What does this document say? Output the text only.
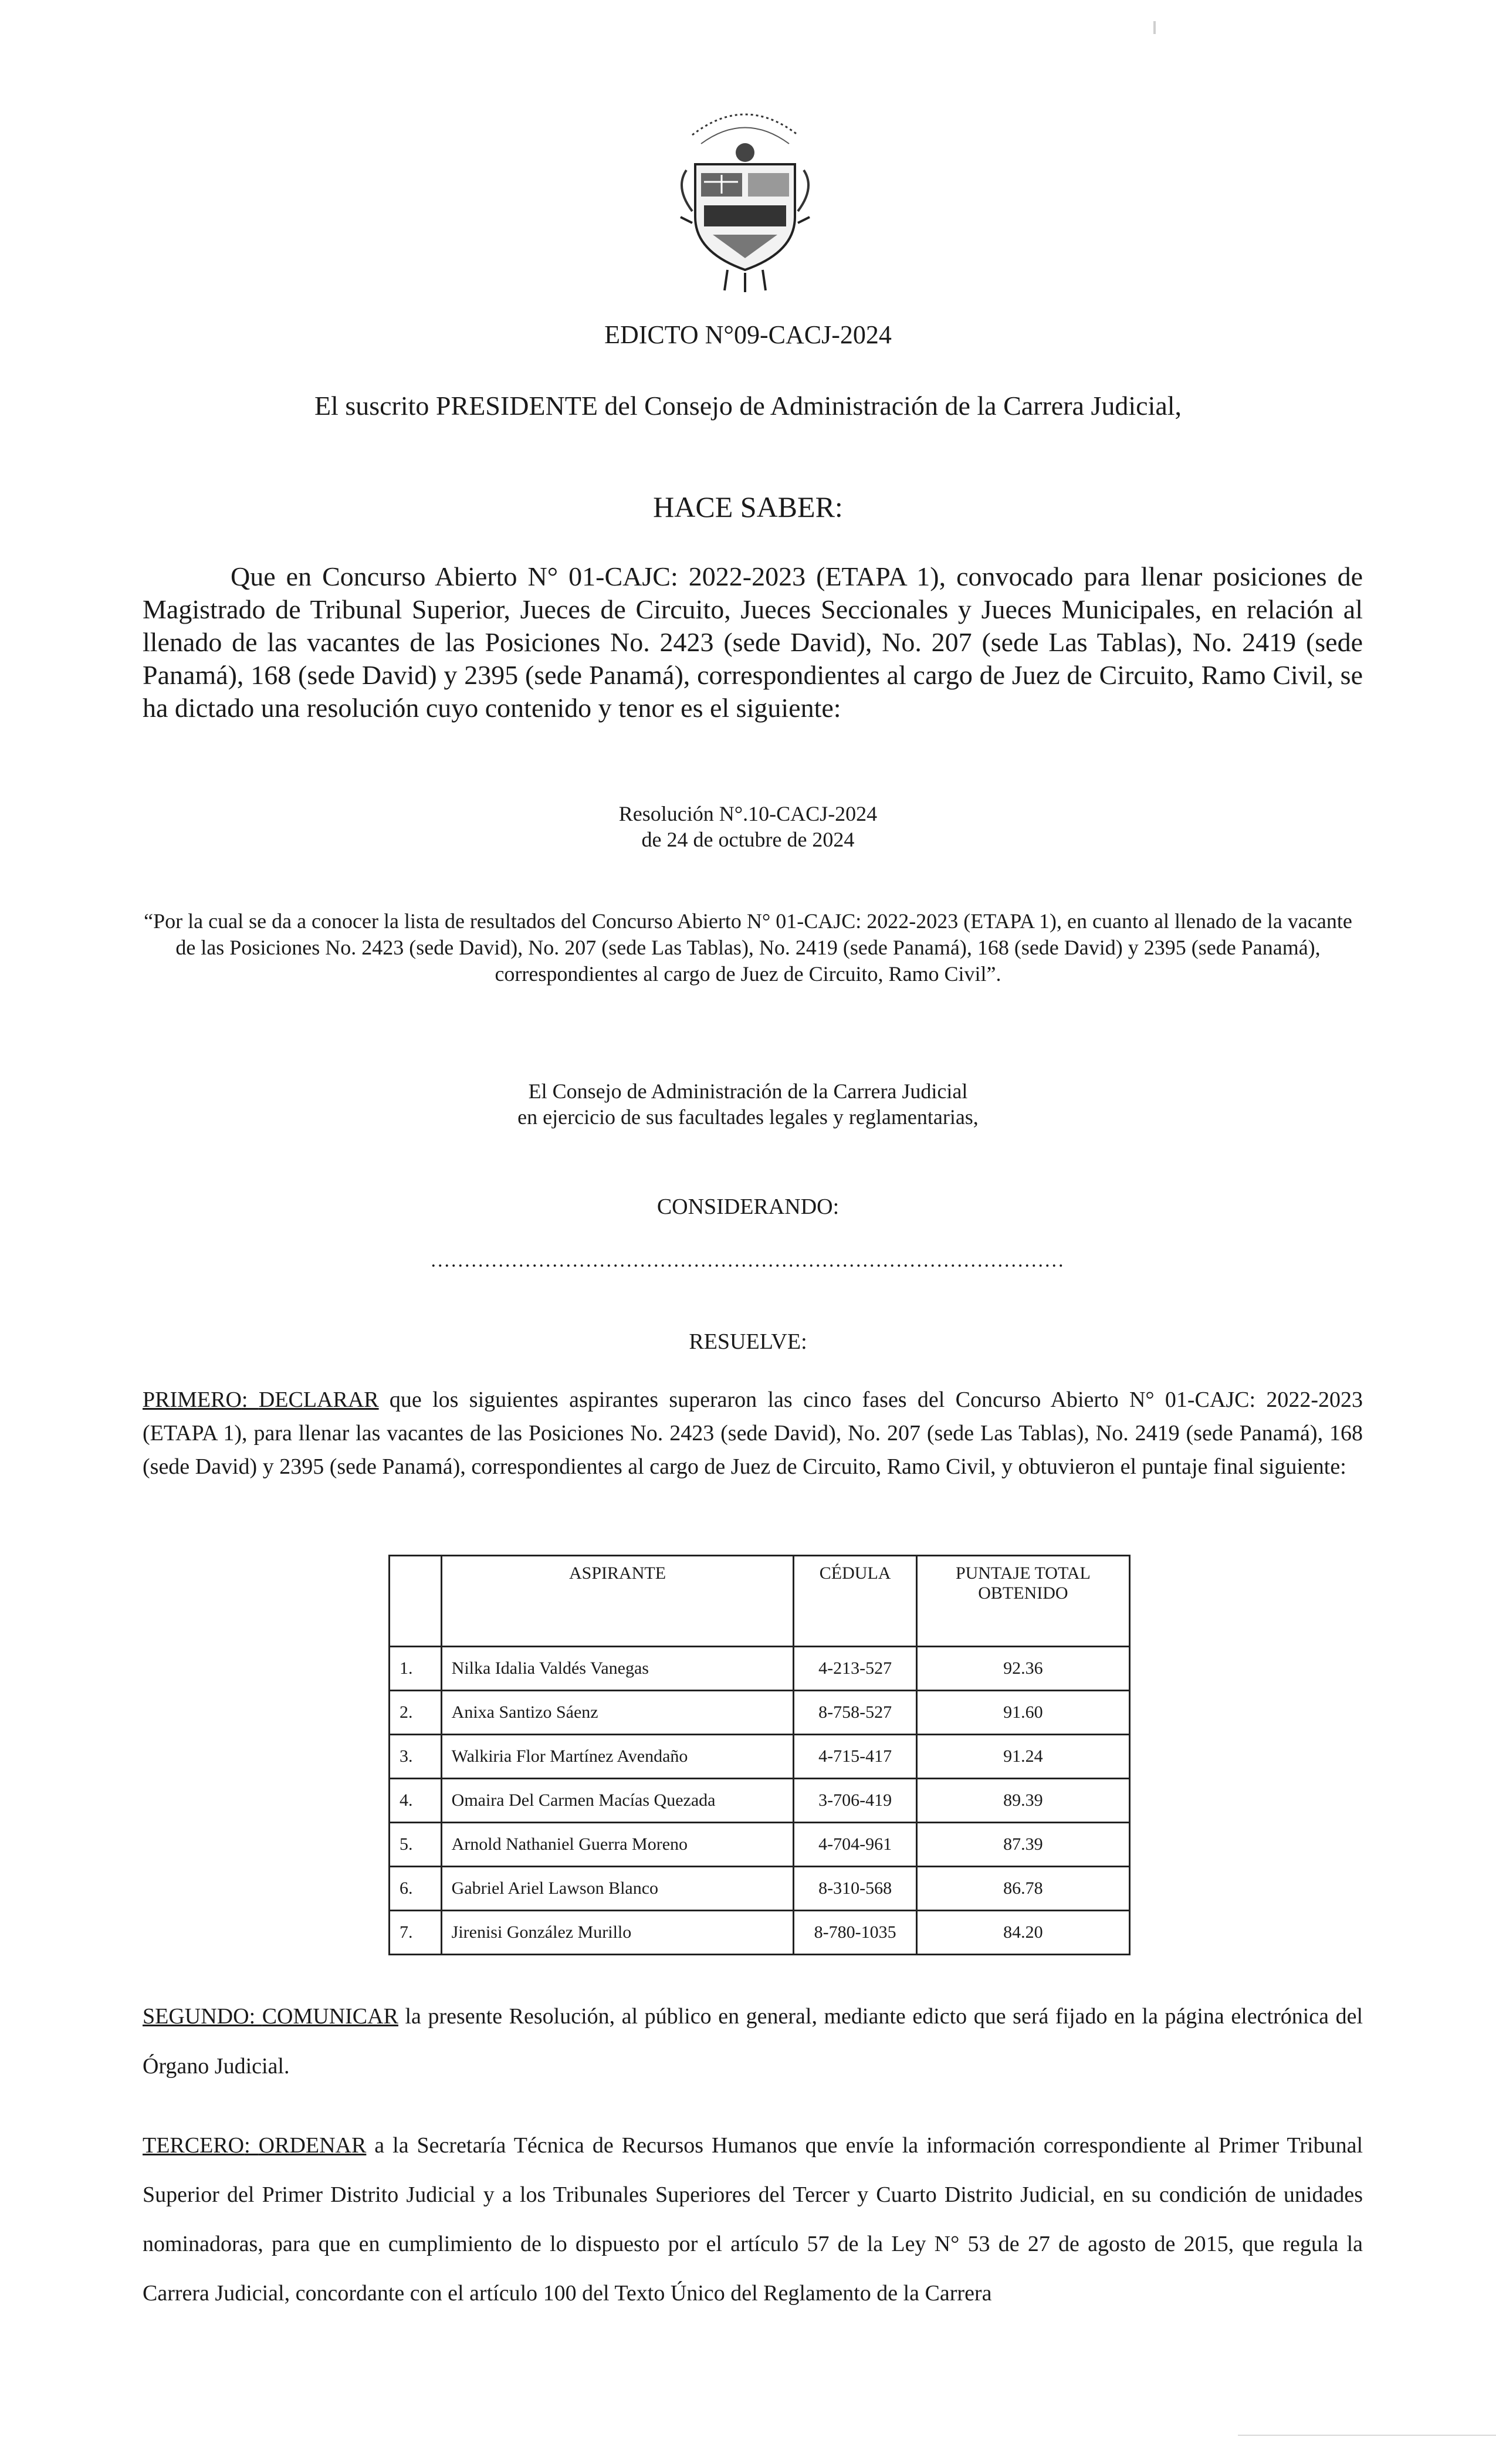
EDICTO N°09-CACJ-2024
El suscrito PRESIDENTE del Consejo de Administración de la Carrera Judicial,
HACE SABER:
Que en Concurso Abierto N° 01-CAJC: 2022-2023 (ETAPA 1), convocado para llenar posiciones de Magistrado de Tribunal Superior, Jueces de Circuito, Jueces Seccionales y Jueces Municipales, en relación al llenado de las vacantes de las Posiciones No. 2423 (sede David), No. 207 (sede Las Tablas), No. 2419 (sede Panamá), 168 (sede David) y 2395 (sede Panamá), correspondientes al cargo de Juez de Circuito, Ramo Civil, se ha dictado una resolución cuyo contenido y tenor es el siguiente:
Resolución N°.10-CACJ-2024
de 24 de octubre de 2024
“Por la cual se da a conocer la lista de resultados del Concurso Abierto N° 01-CAJC: 2022-2023 (ETAPA 1), en cuanto al llenado de la vacante de las Posiciones No. 2423 (sede David), No. 207 (sede Las Tablas), No. 2419 (sede Panamá), 168 (sede David) y 2395 (sede Panamá), correspondientes al cargo de Juez de Circuito, Ramo Civil”.
El Consejo de Administración de la Carrera Judicial
en ejercicio de sus facultades legales y reglamentarias,
CONSIDERANDO:
..............................................................................................
RESUELVE:
PRIMERO: DECLARAR que los siguientes aspirantes superaron las cinco fases del Concurso Abierto N° 01-CAJC: 2022-2023 (ETAPA 1), para llenar las vacantes de las Posiciones No. 2423 (sede David), No. 207 (sede Las Tablas), No. 2419 (sede Panamá), 168 (sede David) y 2395 (sede Panamá), correspondientes al cargo de Juez de Circuito, Ramo Civil, y obtuvieron el puntaje final siguiente:
	ASPIRANTE	CÉDULA	PUNTAJE TOTAL
OBTENIDO
1.	Nilka Idalia Valdés Vanegas	4-213-527	92.36
2.	Anixa Santizo Sáenz	8-758-527	91.60
3.	Walkiria Flor Martínez Avendaño	4-715-417	91.24
4.	Omaira Del Carmen Macías Quezada	3-706-419	89.39
5.	Arnold Nathaniel Guerra Moreno	4-704-961	87.39
6.	Gabriel Ariel Lawson Blanco	8-310-568	86.78
7.	Jirenisi González Murillo	8-780-1035	84.20
SEGUNDO: COMUNICAR la presente Resolución, al público en general, mediante edicto que será fijado en la página electrónica del Órgano Judicial.
TERCERO: ORDENAR a la Secretaría Técnica de Recursos Humanos que envíe la información correspondiente al Primer Tribunal Superior del Primer Distrito Judicial y a los Tribunales Superiores del Tercer y Cuarto Distrito Judicial, en su condición de unidades nominadoras, para que en cumplimiento de lo dispuesto por el artículo 57 de la Ley N° 53 de 27 de agosto de 2015, que regula la Carrera Judicial, concordante con el artículo 100 del Texto Único del Reglamento de la Carrera
